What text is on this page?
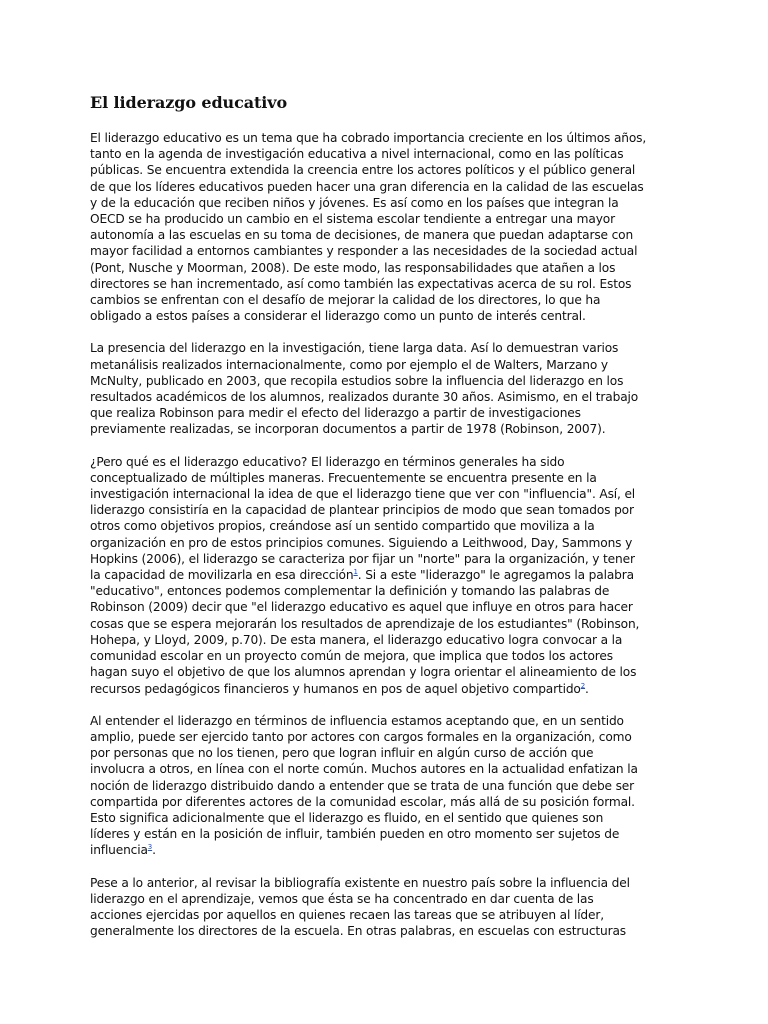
El liderazgo educativo

El liderazgo educativo es un tema que ha cobrado importancia creciente en los últimos años,
tanto en la agenda de investigación educativa a nivel internacional, como en las políticas
públicas. Se encuentra extendida la creencia entre los actores políticos y el público general
de que los líderes educativos pueden hacer una gran diferencia en la calidad de las escuelas
y de la educación que reciben niños y jóvenes. Es así como en los países que integran la
OECD se ha producido un cambio en el sistema escolar tendiente a entregar una mayor
autonomía a las escuelas en su toma de decisiones, de manera que puedan adaptarse con
mayor facilidad a entornos cambiantes y responder a las necesidades de la sociedad actual
(Pont, Nusche y Moorman, 2008). De este modo, las responsabilidades que atañen a los
directores se han incrementado, así como también las expectativas acerca de su rol. Estos
cambios se enfrentan con el desafío de mejorar la calidad de los directores, lo que ha
obligado a estos países a considerar el liderazgo como un punto de interés central.

La presencia del liderazgo en la investigación, tiene larga data. Así lo demuestran varios
metanálisis realizados internacionalmente, como por ejemplo el de Walters, Marzano y
McNulty, publicado en 2003, que recopila estudios sobre la influencia del liderazgo en los
resultados académicos de los alumnos, realizados durante 30 años. Asimismo, en el trabajo
que realiza Robinson para medir el efecto del liderazgo a partir de investigaciones
previamente realizadas, se incorporan documentos a partir de 1978 (Robinson, 2007).

¿Pero qué es el liderazgo educativo? El liderazgo en términos generales ha sido
conceptualizado de múltiples maneras. Frecuentemente se encuentra presente en la
investigación internacional la idea de que el liderazgo tiene que ver con "influencia". Así, el
liderazgo consistiría en la capacidad de plantear principios de modo que sean tomados por
otros como objetivos propios, creándose así un sentido compartido que moviliza a la
organización en pro de estos principios comunes. Siguiendo a Leithwood, Day, Sammons y
Hopkins (2006), el liderazgo se caracteriza por fijar un "norte" para la organización, y tener
la capacidad de movilizarla en esa dirección$^1$. Si a este "liderazgo" le agregamos la palabra
"educativo", entonces podemos complementar la definición y tomando las palabras de
Robinson (2009) decir que "el liderazgo educativo es aquel que influye en otros para hacer
cosas que se espera mejorarán los resultados de aprendizaje de los estudiantes" (Robinson,
Hohepa, y Lloyd, 2009, p.70). De esta manera, el liderazgo educativo logra convocar a la
comunidad escolar en un proyecto común de mejora, que implica que todos los actores
hagan suyo el objetivo de que los alumnos aprendan y logra orientar el alineamiento de los
recursos pedagógicos financieros y humanos en pos de aquel objetivo compartido$^2$.

Al entender el liderazgo en términos de influencia estamos aceptando que, en un sentido
amplio, puede ser ejercido tanto por actores con cargos formales en la organización, como
por personas que no los tienen, pero que logran influir en algún curso de acción que
involucra a otros, en línea con el norte común. Muchos autores en la actualidad enfatizan la
noción de liderazgo distribuido dando a entender que se trata de una función que debe ser
compartida por diferentes actores de la comunidad escolar, más allá de su posición formal.
Esto significa adicionalmente que el liderazgo es fluido, en el sentido que quienes son
líderes y están en la posición de influir, también pueden en otro momento ser sujetos de
influencia$^3$.

Pese a lo anterior, al revisar la bibliografía existente en nuestro país sobre la influencia del
liderazgo en el aprendizaje, vemos que ésta se ha concentrado en dar cuenta de las
acciones ejercidas por aquellos en quienes recaen las tareas que se atribuyen al líder,
generalmente los directores de la escuela. En otras palabras, en escuelas con estructuras
